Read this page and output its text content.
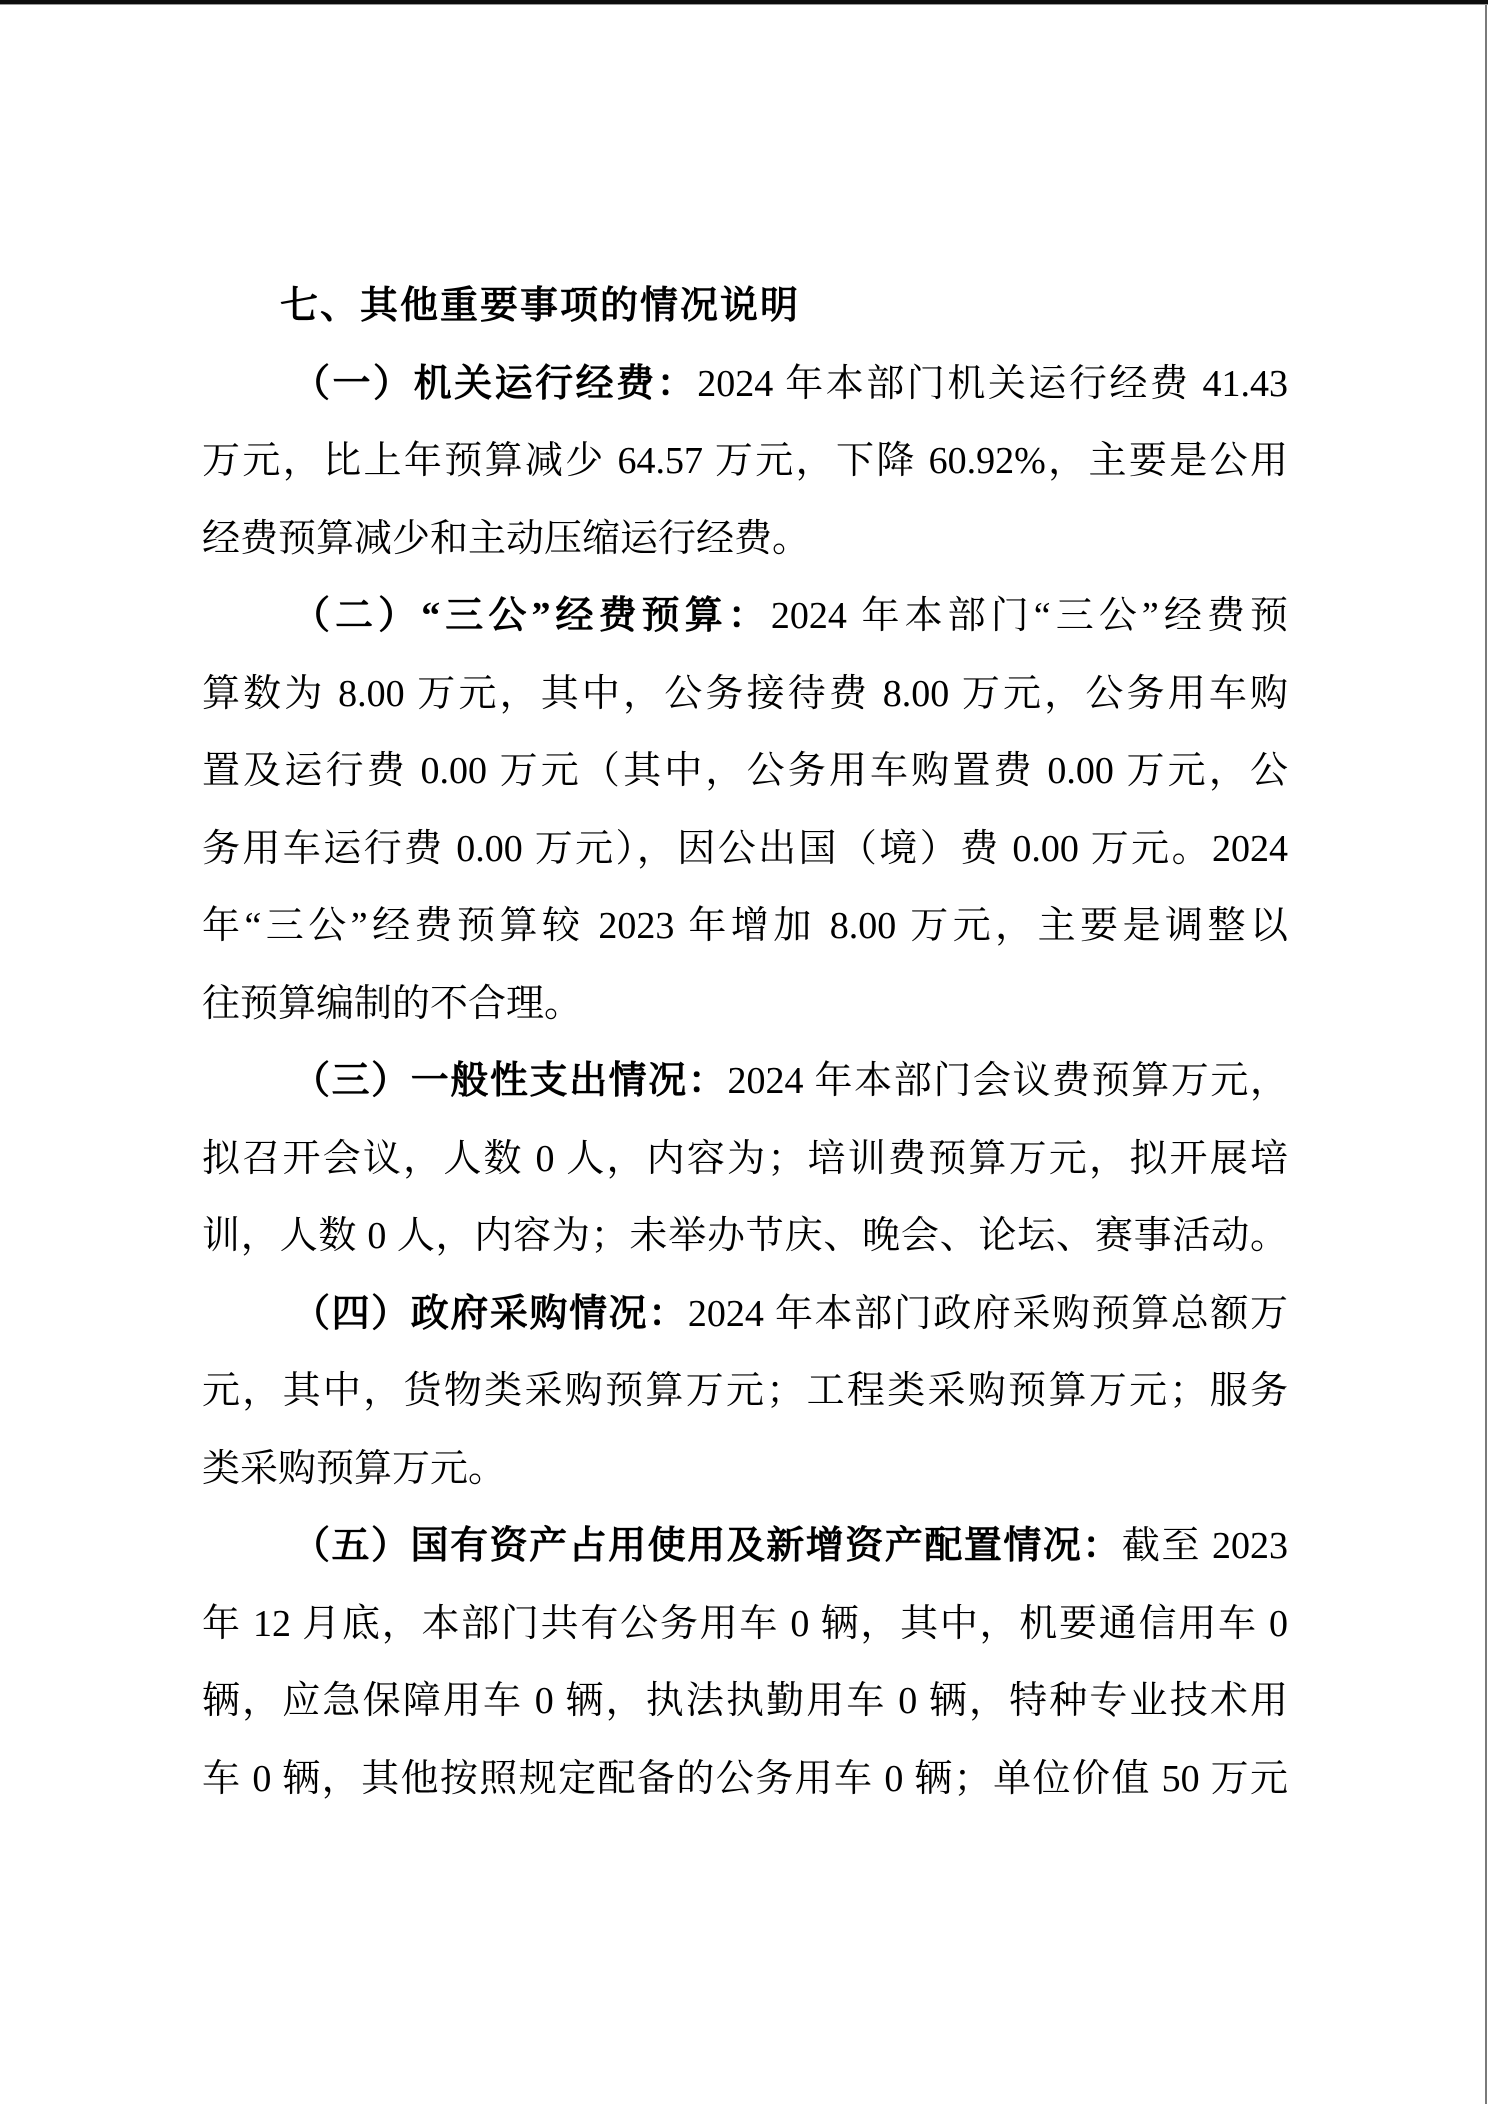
七、其他重要事项的情况说明
（一）机关运行经费：2024 年本部门机关运行经费 41.43
万元，比上年预算减少 64.57 万元，下降 60.92%，主要是公用
经费预算减少和主动压缩运行经费。
（二）“三公”经费预算：2024 年本部门“三公”经费预
算数为 8.00 万元，其中，公务接待费 8.00 万元，公务用车购
置及运行费 0.00 万元（其中，公务用车购置费 0.00 万元，公
务用车运行费 0.00 万元），因公出国（境）费 0.00 万元。2024
年“三公”经费预算较 2023 年增加 8.00 万元，主要是调整以
往预算编制的不合理。
（三）一般性支出情况：2024 年本部门会议费预算万元，
拟召开会议，人数 0 人，内容为；培训费预算万元，拟开展培
训，人数 0 人，内容为；未举办节庆、晚会、论坛、赛事活动。
（四）政府采购情况：2024 年本部门政府采购预算总额万
元，其中，货物类采购预算万元；工程类采购预算万元；服务
类采购预算万元。
（五）国有资产占用使用及新增资产配置情况：截至 2023
年 12 月底，本部门共有公务用车 0 辆，其中，机要通信用车 0
辆，应急保障用车 0 辆，执法执勤用车 0 辆，特种专业技术用
车 0 辆，其他按照规定配备的公务用车 0 辆；单位价值 50 万元
